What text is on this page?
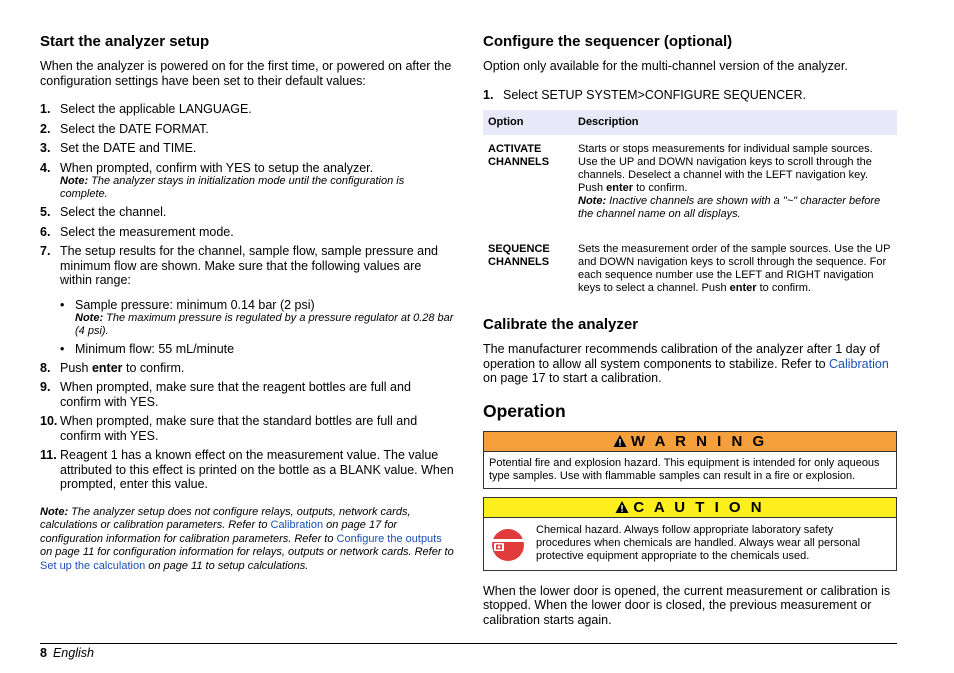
Start the analyzer setup

When the analyzer is powered on for the first time, or powered on after the configuration settings have been set to their default values:

1. Select the applicable LANGUAGE.
2. Select the DATE FORMAT.
3. Set the DATE and TIME.
4. When prompted, confirm with YES to setup the analyzer.
Note: The analyzer stays in initialization mode until the configuration is complete.
5. Select the channel.
6. Select the measurement mode.
7. The setup results for the channel, sample flow, sample pressure and minimum flow are shown. Make sure that the following values are within range:
• Sample pressure: minimum 0.14 bar (2 psi)
Note: The maximum pressure is regulated by a pressure regulator at 0.28 bar (4 psi).
• Minimum flow: 55 mL/minute
8. Push enter to confirm.
9. When prompted, make sure that the reagent bottles are full and confirm with YES.
10. When prompted, make sure that the standard bottles are full and confirm with YES.
11. Reagent 1 has a known effect on the measurement value. The value attributed to this effect is printed on the bottle as a BLANK value. When prompted, enter this value.
Note: The analyzer setup does not configure relays, outputs, network cards, calculations or calibration parameters. Refer to Calibration on page 17 for configuration information for calibration parameters. Refer to Configure the outputs on page 11 for configuration information for relays, outputs or network cards. Refer to Set up the calculation on page 11 to setup calculations.
Configure the sequencer (optional)

Option only available for the multi-channel version of the analyzer.

1. Select SETUP SYSTEM>CONFIGURE SEQUENCER.
Option	Description
ACTIVATE CHANNELS	Starts or stops measurements for individual sample sources. Use the UP and DOWN navigation keys to scroll through the channels. Deselect a channel with the LEFT navigation key. Push enter to confirm.
Note: Inactive channels are shown with a "~" character before the channel name on all displays.
SEQUENCE CHANNELS	Sets the measurement order of the sample sources. Use the UP and DOWN navigation keys to scroll through the sequence. For each sequence number use the LEFT and RIGHT navigation keys to select a channel. Push enter to confirm.
Calibrate the analyzer

The manufacturer recommends calibration of the analyzer after 1 day of operation to allow all system components to stabilize. Refer to Calibration on page 17 to start a calibration.

Operation
W A R N I N G
Potential fire and explosion hazard. This equipment is intended for only aqueous type samples. Use with flammable samples can result in a fire or explosion.
C A U T I O N
Chemical hazard. Always follow appropriate laboratory safety procedures when chemicals are handled. Always wear all personal protective equipment appropriate to the chemicals used.

When the lower door is opened, the current measurement or calibration is stopped. When the lower door is closed, the previous measurement or calibration starts again.

8 English
